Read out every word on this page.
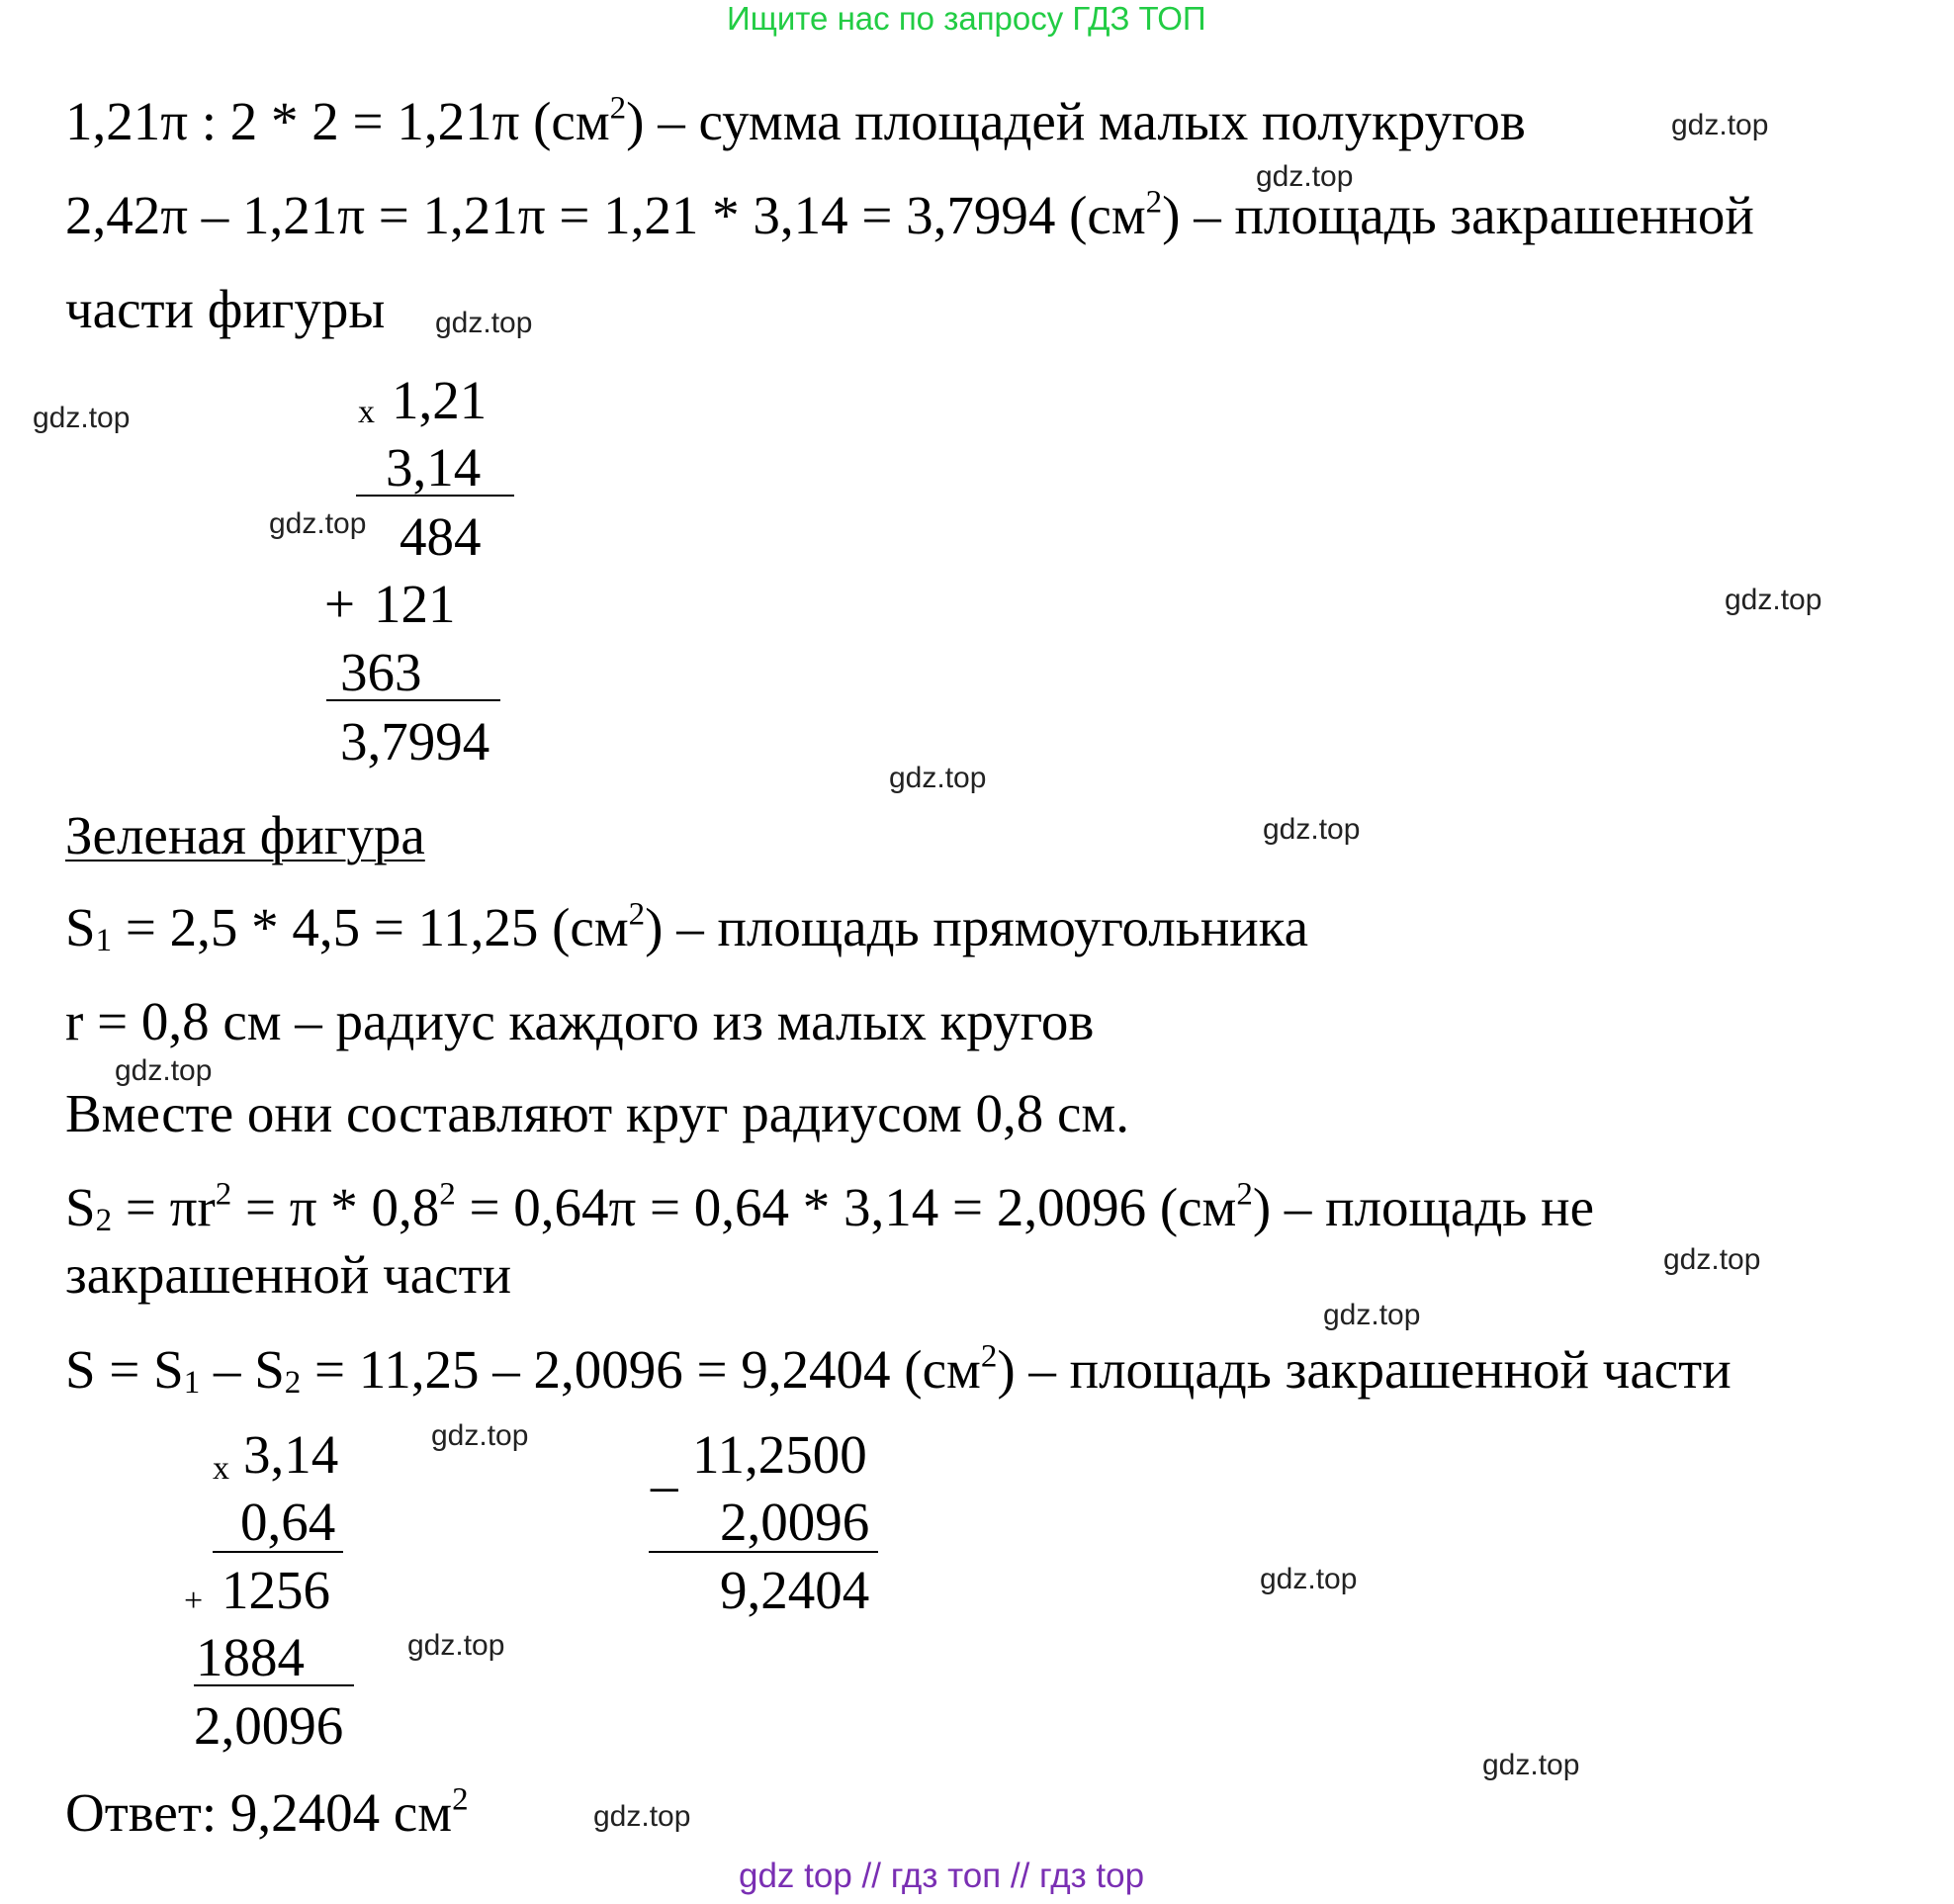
Ищите нас по запросу ГДЗ ТОП
1,21π : 2 * 2 = 1,21π $(см^2)$ – сумма площадей малых полукругов
2,42π – 1,21π = 1,21π = 1,21 * 3,14 = 3,7994 $(см^2)$ – площадь закрашенной
части фигуры
x 1,21
3,14
484
+ 121
363
3,7994
Зеленая фигура
$S_1 = 2,5 * 4,5 = 11,25$ $(см^2)$ – площадь прямоугольника
r = 0,8 см – радиус каждого из малых кругов
Вместе они составляют круг радиусом 0,8 см.
$S_2 = \pi r^2 = \pi * 0,8^2 = 0,64\pi = 0,64 * 3,14 = 2,0096$ $(см^2)$ – площадь не
закрашенной части
$S = S_1 - S_2 = 11,25 - 2,0096 = 9,2404$ $(см^2)$ – площадь закрашенной части
x 3,14
0,64
+ 1256
1884
2,0096
_ 11,2500
2,0096
9,2404
Ответ: 9,2404 $см^2$
gdz.top
gdz.top
gdz.top
gdz.top
gdz.top
gdz.top
gdz.top
gdz.top
gdz.top
gdz.top
gdz.top
gdz.top
gdz.top
gdz.top
gdz.top
gdz.top
gdz top // гдз топ // гдз top
